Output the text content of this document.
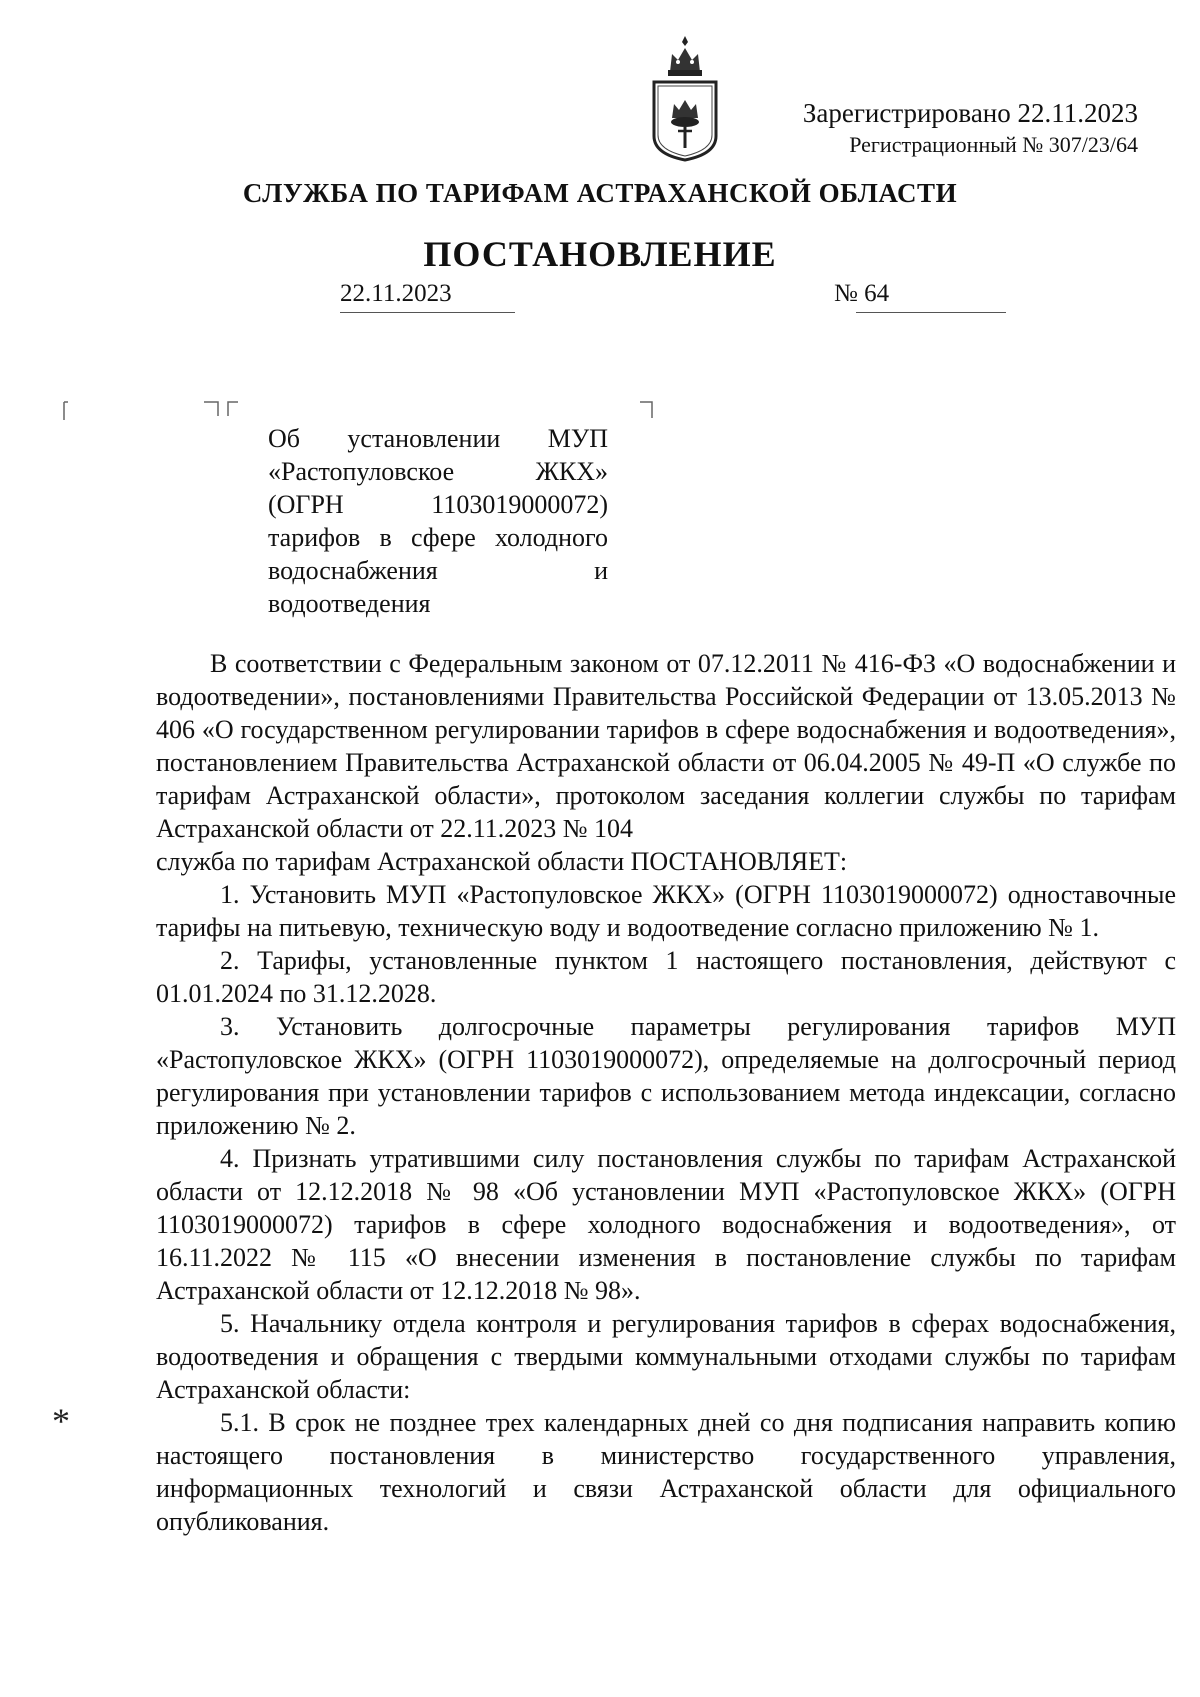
Зарегистрировано 22.11.2023
Регистрационный № 307/23/64
СЛУЖБА ПО ТАРИФАМ АСТРАХАНСКОЙ ОБЛАСТИ
ПОСТАНОВЛЕНИЕ
22.11.2023	№ 64
Об установлении МУП «Растопуловское ЖКХ» (ОГРН 1103019000072) тарифов в сфере холодного водоснабжения и водоотведения

В соответствии с Федеральным законом от 07.12.2011 № 416-ФЗ «О водоснабжении и водоотведении», постановлениями Правительства Российской Федерации от 13.05.2013 № 406 «О государственном регулировании тарифов в сфере водоснабжения и водоотведения», постановлением Правительства Астраханской области от 06.04.2005 № 49-П «О службе по тарифам Астраханской области», протоколом заседания коллегии службы по тарифам Астраханской области от 22.11.2023 № 104

служба по тарифам Астраханской области ПОСТАНОВЛЯЕТ:

1. Установить МУП «Растопуловское ЖКХ» (ОГРН 1103019000072) одноставочные тарифы на питьевую, техническую воду и водоотведение согласно приложению № 1.

2. Тарифы, установленные пунктом 1 настоящего постановления, действуют с 01.01.2024 по 31.12.2028.

3. Установить долгосрочные параметры регулирования тарифов МУП «Растопуловское ЖКХ» (ОГРН 1103019000072), определяемые на долгосрочный период регулирования при установлении тарифов с использованием метода индексации, согласно приложению № 2.

4. Признать утратившими силу постановления службы по тарифам Астраханской области от 12.12.2018 № 98 «Об установлении МУП «Растопуловское ЖКХ» (ОГРН 1103019000072) тарифов в сфере холодного водоснабжения и водоотведения», от 16.11.2022 № 115 «О внесении изменения в постановление службы по тарифам Астраханской области от 12.12.2018 № 98».

5. Начальнику отдела контроля и регулирования тарифов в сферах водоснабжения, водоотведения и обращения с твердыми коммунальными отходами службы по тарифам Астраханской области:

5.1. В срок не позднее трех календарных дней со дня подписания направить копию настоящего постановления в министерство государственного управления, информационных технологий и связи Астраханской области для официального опубликования.

*
